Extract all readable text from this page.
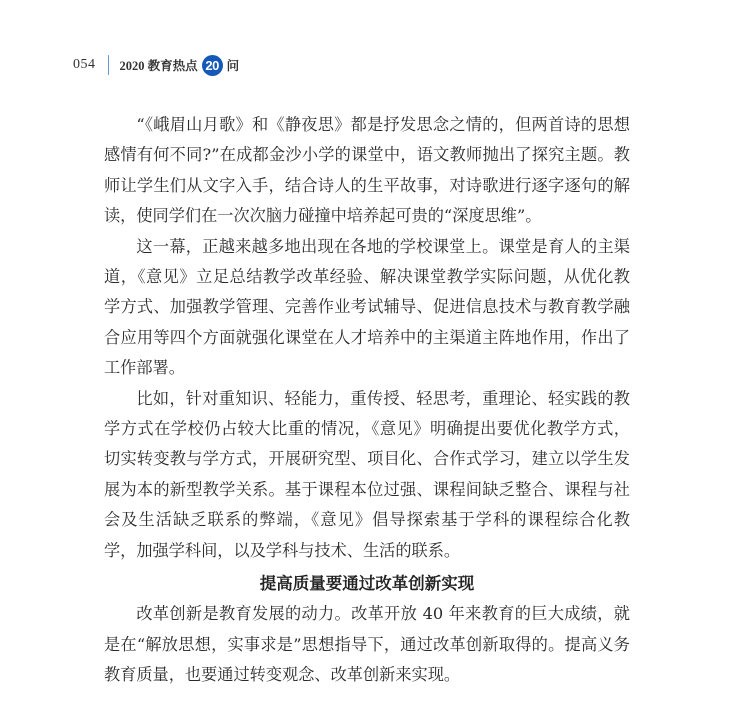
054 2020 教育热点 20 问

“《峨眉山月歌》和《静夜思》都是抒发思念之情的，但两首诗的思想感情有何不同?”在成都金沙小学的课堂中，语文教师抛出了探究主题。教师让学生们从文字入手，结合诗人的生平故事，对诗歌进行逐字逐句的解读，使同学们在一次次脑力碰撞中培养起可贵的“深度思维”。

这一幕，正越来越多地出现在各地的学校课堂上。课堂是育人的主渠道，《意见》立足总结教学改革经验、解决课堂教学实际问题，从优化教学方式、加强教学管理、完善作业考试辅导、促进信息技术与教育教学融合应用等四个方面就强化课堂在人才培养中的主渠道主阵地作用，作出了工作部署。

比如，针对重知识、轻能力，重传授、轻思考，重理论、轻实践的教学方式在学校仍占较大比重的情况，《意见》明确提出要优化教学方式，切实转变教与学方式，开展研究型、项目化、合作式学习，建立以学生发展为本的新型教学关系。基于课程本位过强、课程间缺乏整合、课程与社会及生活缺乏联系的弊端，《意见》倡导探索基于学科的课程综合化教学，加强学科间，以及学科与技术、生活的联系。

提高质量要通过改革创新实现

改革创新是教育发展的动力。改革开放 40 年来教育的巨大成绩，就是在“解放思想，实事求是”思想指导下，通过改革创新取得的。提高义务教育质量，也要通过转变观念、改革创新来实现。
